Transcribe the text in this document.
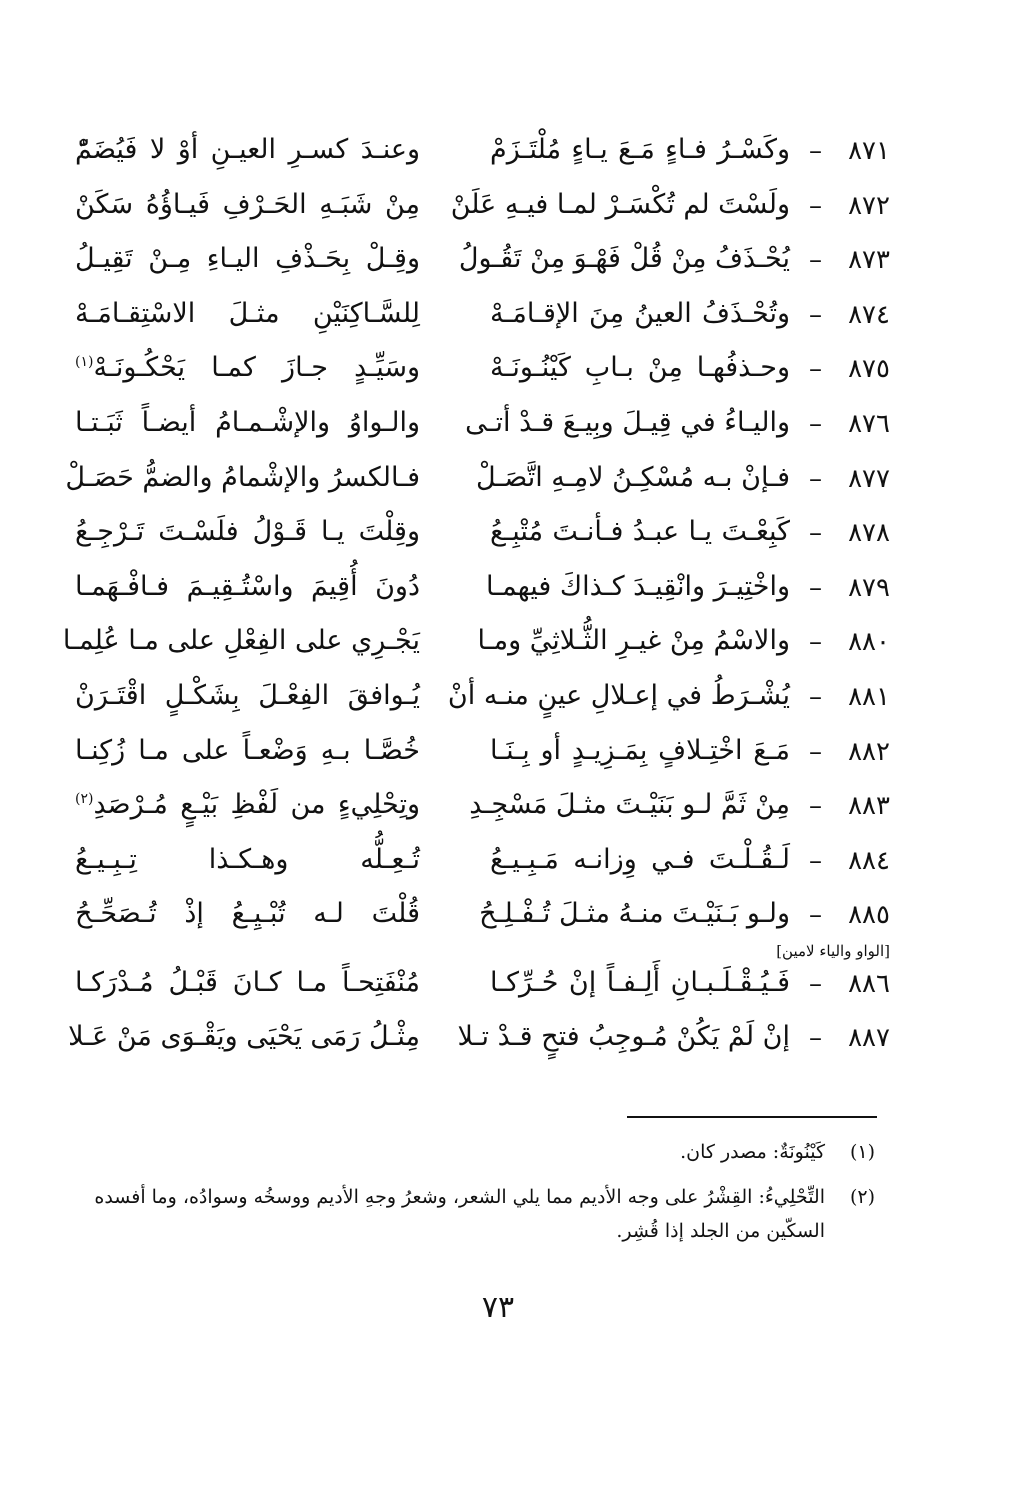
٨٧١
–
وكَسْـرُ فـاءٍ مَـعَ يـاءٍ مُلْتَـزَمْ
وعنـدَ كسـرِ العيـنِ أوْ لا فَيُضَمّْ
٨٧٢
–
ولَسْتَ لم تُكْسَـرْ لمـا فيـهِ عَلَنْ
مِنْ شَبَـهِ الحَـرْفِ فَيـاؤُهُ سَكَنْ
٨٧٣
–
يُحْـذَفُ مِنْ قُلْ فَهْـوَ مِنْ تَقُـولُ
وقِـلْ بِحَـذْفِ اليـاءِ مِـنْ تَقِيـلُ
٨٧٤
–
وتُحْـذَفُ العينُ مِنَ الإقـامَـهْ
لِلسَّـاكِنَيْنِ مثـلَ الاسْتِقـامَـهْ
٨٧٥
–
وحـذفُهـا مِنْ بـابِ كَيْنُـونَـهْ
وسَيِّـدٍ جـازَ كمـا يَحْكُـونَـهْ$^{(١)}$
٨٧٦
–
واليـاءُ في قِيـلَ وبِيـعَ قـدْ أتـى
والـواوُ والإشْـمـامُ أيضـاً ثَبَـتـا
٨٧٧
–
فـإنْ بـه مُسْكِـنُ لامِـهِ اتَّصَـلْ
فـالكسرُ والإشْمامُ والضمُّ حَصَـلْ
٨٧٨
–
كَبِعْـتَ يـا عبـدُ فـأنـتَ مُتْبِـعُ
وقِلْتَ يـا قَـوْلُ فلَسْـتَ تَـرْجِـعُ
٨٧٩
–
واخْتِيـرَ وانْقِيـدَ كـذاكَ فيهمـا
دُونَ أُقِيمَ واسْتُـقِيـمَ فـافْـهَمـا
٨٨٠
–
والاسْمُ مِنْ غيـرِ الثُّـلاثِيِّ ومـا
يَجْـرِي على الفِعْلِ على مـا عُلِمـا
٨٨١
–
يُشْـرَطُ في إعـلالِ عينٍ منـه أنْ
يُـوافقَ الفِعْـلَ بِشَكْـلٍ اقْتَـرَنْ
٨٨٢
–
مَـعَ اخْتِـلافٍ بِمَـزِيـدٍ أو بِـنَـا
خُصَّـا بـهِ وَضْعـاً على مـا زُكِنـا
٨٨٣
–
مِنْ ثَمَّ لـو بَنَيْـتَ مثـلَ مَسْجِـدِ
وتِحْلِيءٍ من لَفْظِ بَيْـعٍ مُـرْصَدِ$^{(٢)}$
٨٨٤
–
لَـقُـلْـتَ فـي وِزانـه مَـبِـيـعُ
تُـعِـلُّه وهـكـذا تِـبِـيـعُ
٨٨٥
–
ولـو بَـنَيْـتَ منـهُ مثـلَ تُـفْـلِـحُ
قُلْتَ لـه تُبْـيِـعُ إذْ تُـصَحِّـحُ
[الواو والياء لامين]
٨٨٦
–
فَـيُـقْـلَـبـانِ أَلِـفـاً إنْ حُـرِّكـا
مُنْفَتِحـاً مـا كـانَ قَبْـلُ مُـدْرَكـا
٨٨٧
–
إنْ لَمْ يَكُنْ مُـوجِبُ فتحٍ قـدْ تـلا
مِثْـلُ رَمَى يَحْيَى ويَقْـوَى مَنْ عَـلا
(١)
كَيْنُونَةٌ: مصدر كان.
(٢)
التِّحْلِيءُ: القِشْرُ على وجه الأديم مما يلي الشعر، وشعرُ وجهِ الأديم ووسخُه وسوادُه، وما أفسده السكّين من الجلد إذا قُشِر.
٧٣
